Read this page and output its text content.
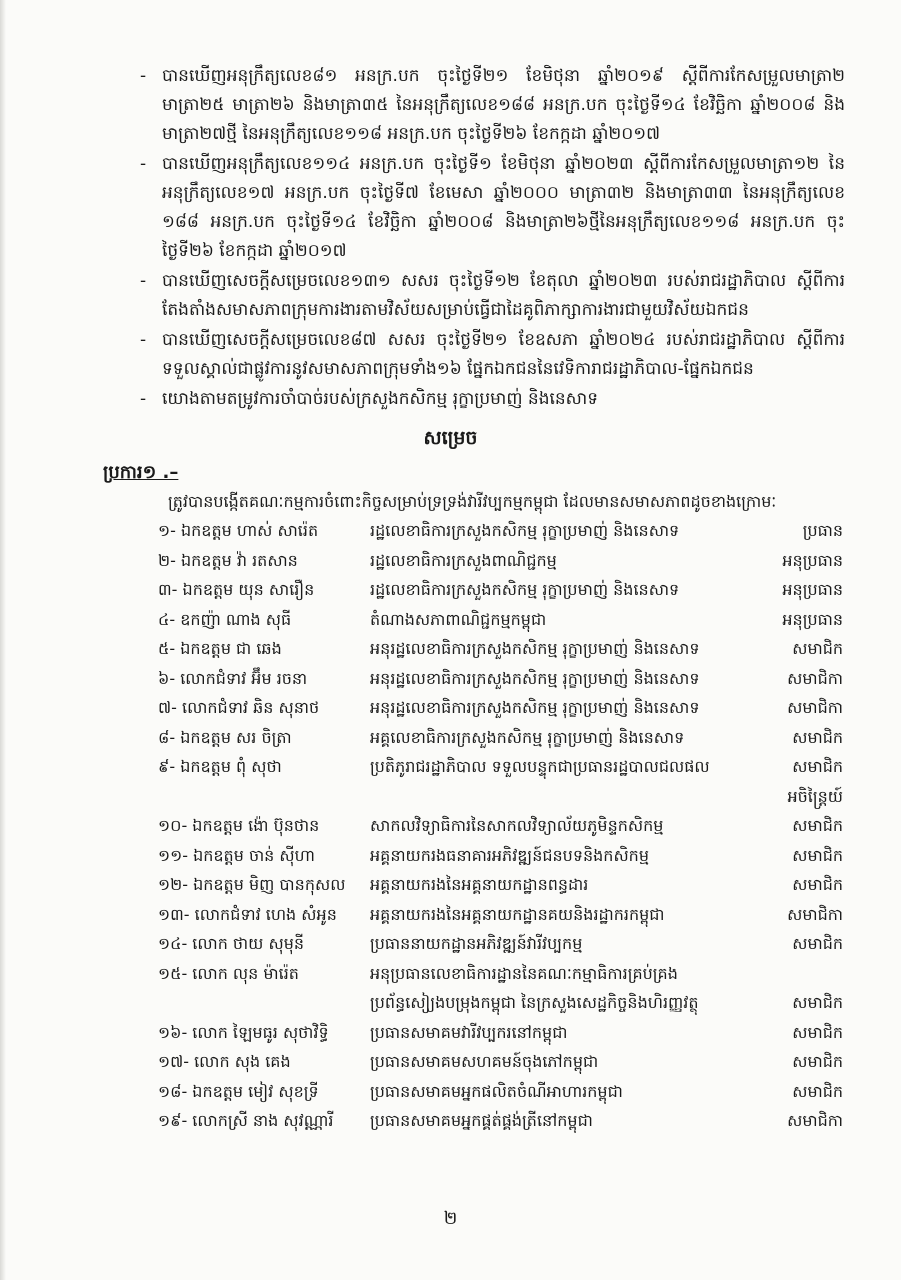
- បានឃើញអនុក្រឹត្យលេខ៨១ អនក្រ.បក ចុះថ្ងៃទី២១ ខែមិថុនា ឆ្នាំ២០១៩ ស្តីពីការកែសម្រួលមាត្រា២ មាត្រា២៥ មាត្រា២៦ និងមាត្រា៣៥ នៃអនុក្រឹត្យលេខ១៨៨ អនក្រ.បក ចុះថ្ងៃទី១៤ ខែវិច្ឆិកា ឆ្នាំ២០០៨ និងមាត្រា២៧ថ្មី នៃអនុក្រឹត្យលេខ១១៨ អនក្រ.បក ចុះថ្ងៃទី២៦ ខែកក្កដា ឆ្នាំ២០១៧
- បានឃើញអនុក្រឹត្យលេខ១១៤ អនក្រ.បក ចុះថ្ងៃទី១ ខែមិថុនា ឆ្នាំ២០២៣ ស្តីពីការកែសម្រួលមាត្រា១២ នៃអនុក្រឹត្យលេខ១៧ អនក្រ.បក ចុះថ្ងៃទី៧ ខែមេសា ឆ្នាំ២០០០ មាត្រា៣២ និងមាត្រា៣៣ នៃអនុក្រឹត្យលេខ ១៨៨ អនក្រ.បក ចុះថ្ងៃទី១៤ ខែវិច្ឆិកា ឆ្នាំ២០០៨ និងមាត្រា២៦ថ្មីនៃអនុក្រឹត្យលេខ១១៨ អនក្រ.បក ចុះថ្ងៃទី២៦ ខែកក្កដា ឆ្នាំ២០១៧
- បានឃើញសេចក្តីសម្រេចលេខ១៣១ សសរ ចុះថ្ងៃទី១២ ខែតុលា ឆ្នាំ២០២៣ របស់រាជរដ្ឋាភិបាល ស្តីពីការ តែងតាំងសមាសភាពក្រុមការងារតាមវិស័យសម្រាប់ធ្វើជាដៃគូពិភាក្សាការងារជាមួយវិស័យឯកជន
- បានឃើញសេចក្តីសម្រេចលេខ៨៧ សសរ ចុះថ្ងៃទី២១ ខែឧសភា ឆ្នាំ២០២៤ របស់រាជរដ្ឋាភិបាល ស្តីពីការ ទទួលស្គាល់ជាផ្លូវការនូវសមាសភាពក្រុមទាំង១៦ ផ្នែកឯកជននៃវេទិការាជរដ្ឋាភិបាល-ផ្នែកឯកជន
- យោងតាមតម្រូវការចាំបាច់របស់ក្រសួងកសិកម្ម រុក្ខាប្រមាញ់ និងនេសាទ
សម្រេច
ប្រការ១ .–
ត្រូវបានបង្កើតគណៈកម្មការចំពោះកិច្ចសម្រាប់ទ្រទ្រង់វារីវប្បកម្មកម្ពុជា ដែលមានសមាសភាពដូចខាងក្រោមៈ
១- ឯកឧត្តម ហាស់ សារ៉េត	រដ្ឋលេខាធិការក្រសួងកសិកម្ម រុក្ខាប្រមាញ់ និងនេសាទ	ប្រធាន
២- ឯកឧត្តម វ៉ា រតសាន	រដ្ឋលេខាធិការក្រសួងពាណិជ្ជកម្ម	អនុប្រធាន
៣- ឯកឧត្តម យុន សារឿន	រដ្ឋលេខាធិការក្រសួងកសិកម្ម រុក្ខាប្រមាញ់ និងនេសាទ	អនុប្រធាន
៤- ឧកញ៉ា ណាង សុធី	តំណាងសភាពាណិជ្ជកម្មកម្ពុជា	អនុប្រធាន
៥- ឯកឧត្តម ជា ឆេង	អនុរដ្ឋលេខាធិការក្រសួងកសិកម្ម រុក្ខាប្រមាញ់ និងនេសាទ	សមាជិក
៦- លោកជំទាវ អ៊ឹម រចនា	អនុរដ្ឋលេខាធិការក្រសួងកសិកម្ម រុក្ខាប្រមាញ់ និងនេសាទ	សមាជិកា
៧- លោកជំទាវ ឆិន សុនាថ	អនុរដ្ឋលេខាធិការក្រសួងកសិកម្ម រុក្ខាប្រមាញ់ និងនេសាទ	សមាជិកា
៨- ឯកឧត្តម សរ ចិត្រា	អគ្គលេខាធិការក្រសួងកសិកម្ម រុក្ខាប្រមាញ់ និងនេសាទ	សមាជិក
៩- ឯកឧត្តម ពុំ សុថា	ប្រតិភូរាជរដ្ឋាភិបាល ទទួលបន្ទុកជាប្រធានរដ្ឋបាលជលផល	សមាជិក
អចិន្ត្រៃយ៍
១០- ឯកឧត្តម ង៉ោ ប៊ុនថាន	សាកលវិទ្យាធិការនៃសាកលវិទ្យាល័យភូមិន្ទកសិកម្ម	សមាជិក
១១- ឯកឧត្តម ចាន់ ស៊ីហា	អគ្គនាយករងធនាគារអភិវឌ្ឍន៍ជនបទនិងកសិកម្ម	សមាជិក
១២- ឯកឧត្តម មិញ បានកុសល	អគ្គនាយករងនៃអគ្គនាយកដ្ឋានពន្ធដារ	សមាជិក
១៣- លោកជំទាវ ហេង សំអូន	អគ្គនាយករងនៃអគ្គនាយកដ្ឋានគយនិងរដ្ឋាករកម្ពុជា	សមាជិកា
១៤- លោក ថាយ សុមុនី	ប្រធាននាយកដ្ឋានអភិវឌ្ឍន៍វារីវប្បកម្ម	សមាជិក
១៥- លោក លុន ម៉ារ៉េត	អនុប្រធានលេខាធិការដ្ឋាននៃគណៈកម្មាធិការគ្រប់គ្រង
ប្រព័ន្ធសៀ្យងបម្រុងកម្ពុជា នៃក្រសួងសេដ្ឋកិច្ចនិងហិរញ្ញវត្ថុ	សមាជិក
១៦- លោក ឡៃមធូរ សុថាវិទ្ធិ	ប្រធានសមាគមវារីវប្បករនៅកម្ពុជា	សមាជិក
១៧- លោក សុង គេង	ប្រធានសមាគមសហគមន៍ចុងភៅកម្ពុជា	សមាជិក
១៨- ឯកឧត្តម មៀវ សុខទ្រី	ប្រធានសមាគមអ្នកផលិតចំណីអាហារកម្ពុជា	សមាជិក
១៩- លោកស្រី នាង សុវណ្ណារី	ប្រធានសមាគមអ្នកផ្គត់ផ្គង់ត្រីនៅកម្ពុជា	សមាជិកា
២
